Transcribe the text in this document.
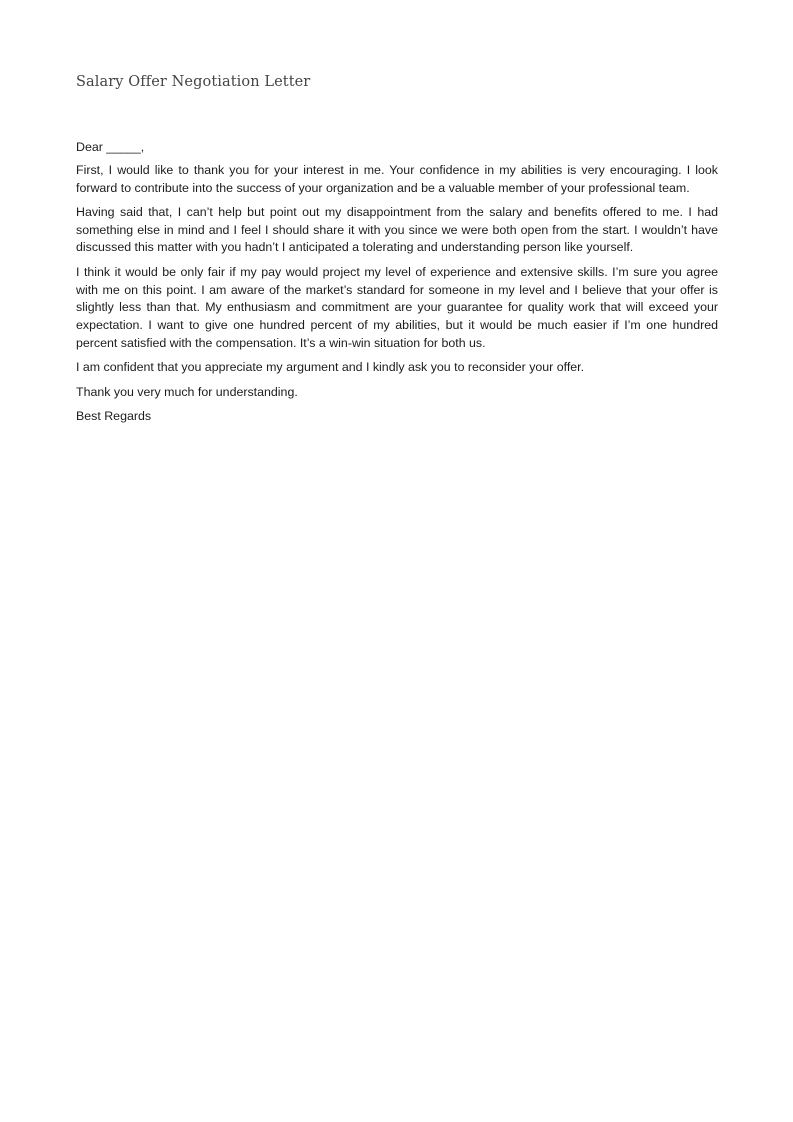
Salary Offer Negotiation Letter

Dear _____,

First, I would like to thank you for your interest in me. Your confidence in my abilities is very encouraging. I look forward to contribute into the success of your organization and be a valuable member of your professional team.

Having said that, I can’t help but point out my disappointment from the salary and benefits offered to me. I had something else in mind and I feel I should share it with you since we were both open from the start. I wouldn’t have discussed this matter with you hadn’t I anticipated a tolerating and understanding person like yourself.

I think it would be only fair if my pay would project my level of experience and extensive skills. I’m sure you agree with me on this point. I am aware of the market’s standard for someone in my level and I believe that your offer is slightly less than that. My enthusiasm and commitment are your guarantee for quality work that will exceed your expectation. I want to give one hundred percent of my abilities, but it would be much easier if I’m one hundred percent satisfied with the compensation. It’s a win-win situation for both us.

I am confident that you appreciate my argument and I kindly ask you to reconsider your offer.

Thank you very much for understanding.

Best Regards
